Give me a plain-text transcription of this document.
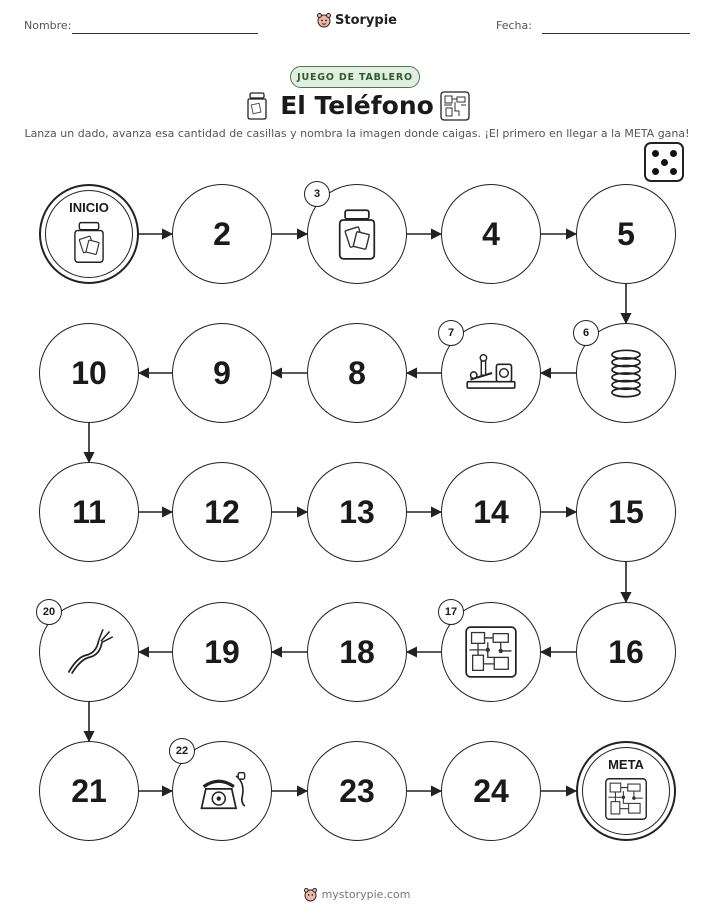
Nombre:	Storypie	Fecha:
JUEGO DE TABLERO
El Teléfono
Lanza un dado, avanza esa cantidad de casillas y nombra la imagen donde caigas. ¡El primero en llegar a la META gana!
INICIO
2
3
4	5
6
7
8
9
10
11	12	13	14	15
16
17
18
19
20
21
22
23	24
META
mystorypie.com
